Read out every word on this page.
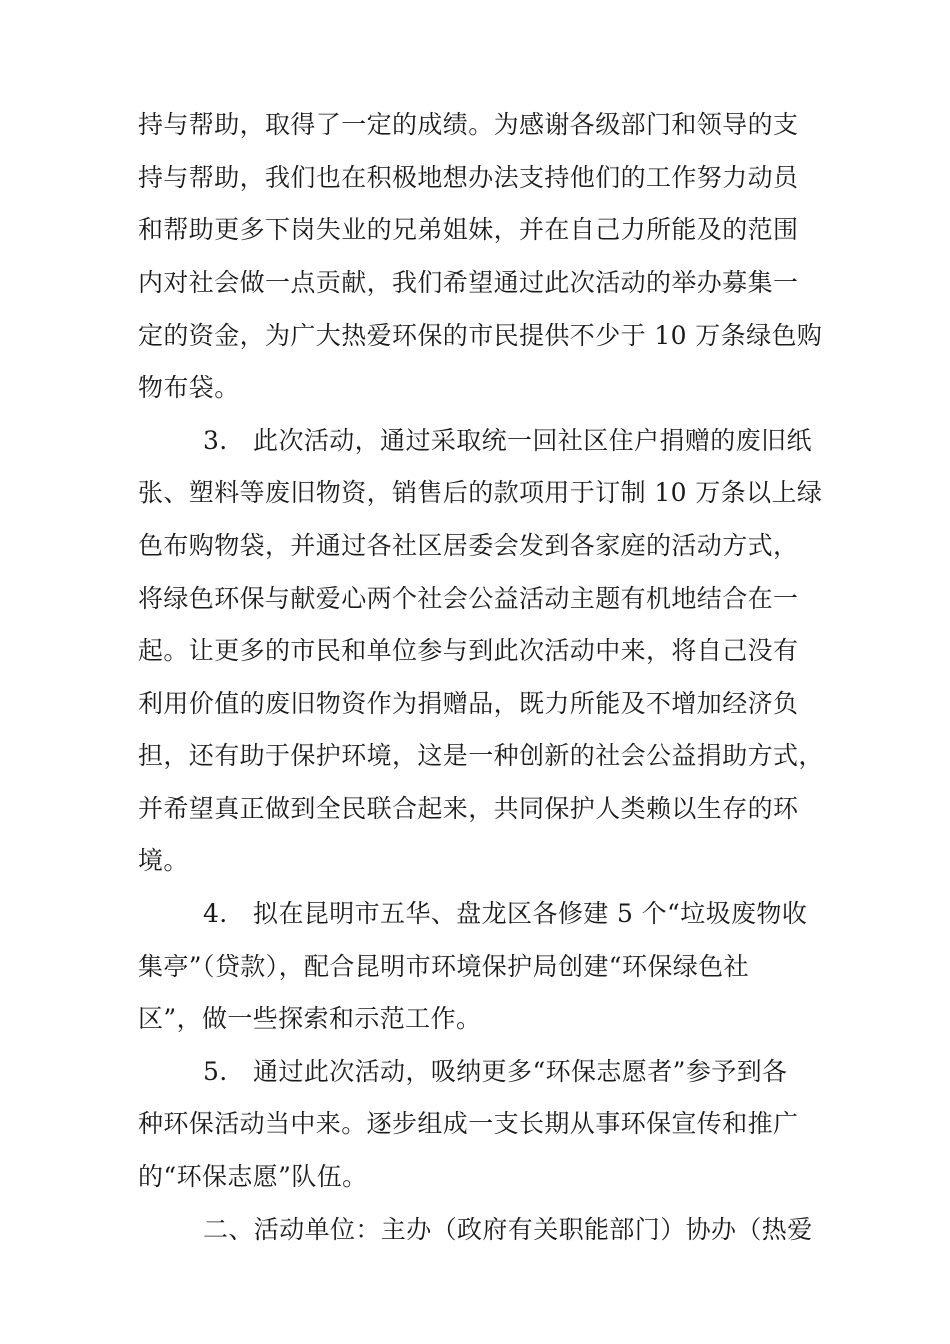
持与帮助，取得了一定的成绩。为感谢各级部门和领导的支
持与帮助，我们也在积极地想办法支持他们的工作努力动员
和帮助更多下岗失业的兄弟姐妹，并在自己力所能及的范围
内对社会做一点贡献，我们希望通过此次活动的举办募集一
定的资金，为广大热爱环保的市民提供不少于 10 万条绿色购
物布袋。
3.　此次活动，通过采取统一回社区住户捐赠的废旧纸
张、塑料等废旧物资，销售后的款项用于订制 10 万条以上绿
色布购物袋，并通过各社区居委会发到各家庭的活动方式，
将绿色环保与献爱心两个社会公益活动主题有机地结合在一
起。让更多的市民和单位参与到此次活动中来，将自己没有
利用价值的废旧物资作为捐赠品，既力所能及不增加经济负
担，还有助于保护环境，这是一种创新的社会公益捐助方式，
并希望真正做到全民联合起来，共同保护人类赖以生存的环
境。
4.　拟在昆明市五华、盘龙区各修建 5 个“垃圾废物收
集亭”（贷款），配合昆明市环境保护局创建“环保绿色社
区”，做一些探索和示范工作。
5.　通过此次活动，吸纳更多“环保志愿者”参予到各
种环保活动当中来。逐步组成一支长期从事环保宣传和推广
的“环保志愿”队伍。
二、活动单位：主办（政府有关职能部门）协办（热爱
